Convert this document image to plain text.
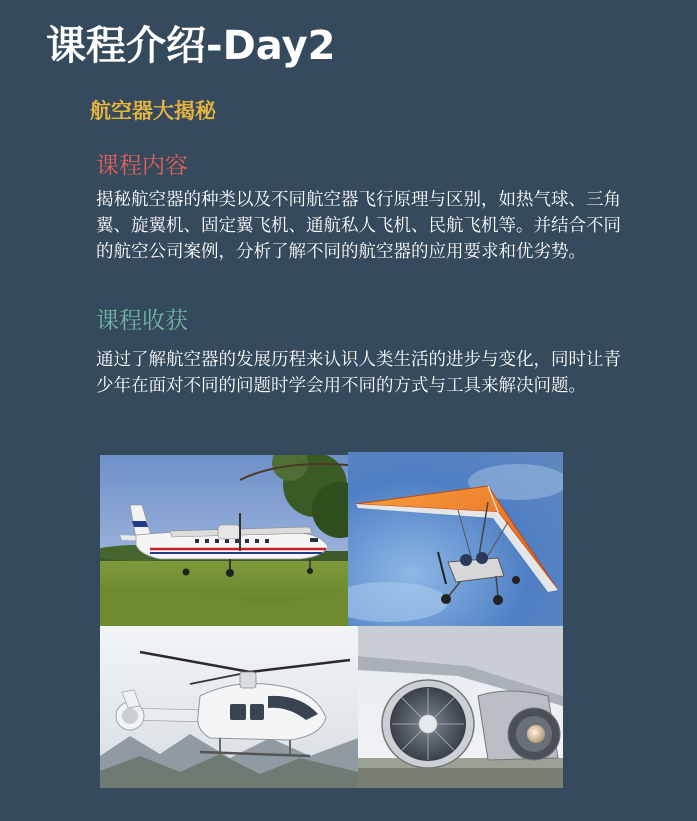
课程介绍-Day2
航空器大揭秘
课程内容
揭秘航空器的种类以及不同航空器飞行原理与区别，如热气球、三角翼、旋翼机、固定翼飞机、通航私人飞机、民航飞机等。并结合不同的航空公司案例，分析了解不同的航空器的应用要求和优劣势。
课程收获
通过了解航空器的发展历程来认识人类生活的进步与变化，同时让青少年在面对不同的问题时学会用不同的方式与工具来解决问题。
